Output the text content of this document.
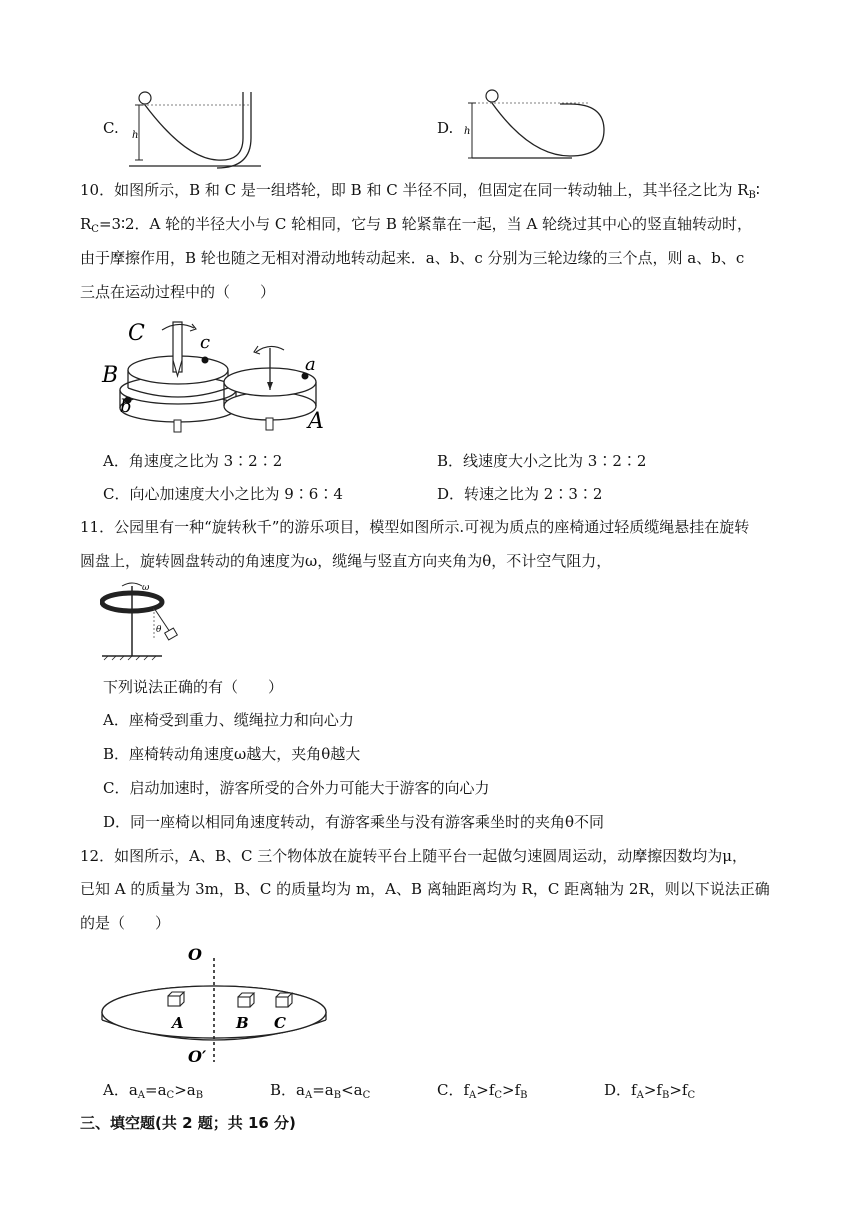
C. h	D. h
10．如图所示，B 和 C 是一组塔轮，即 B 和 C 半径不同，但固定在同一转动轴上，其半径之比为 $R_B∶$
$R_C=3∶2$．A 轮的半径大小与 C 轮相同，它与 B 轮紧靠在一起，当 A 轮绕过其中心的竖直轴转动时，
由于摩擦作用，B 轮也随之无相对滑动地转动起来．a、b、c 分别为三轮边缘的三个点，则 a、b、c
三点在运动过程中的（　　）
C
B
A
a
b
c
A．角速度之比为 3∶2∶2	B．线速度大小之比为 3∶2∶2
C．向心加速度大小之比为 9∶6∶4	D．转速之比为 2∶3∶2
11．公园里有一种“旋转秋千”的游乐项目，模型如图所示.可视为质点的座椅通过轻质缆绳悬挂在旋转
圆盘上，旋转圆盘转动的角速度为ω，缆绳与竖直方向夹角为θ，不计空气阻力，
ω
θ
下列说法正确的有（　　）
A．座椅受到重力、缆绳拉力和向心力
B．座椅转动角速度ω越大，夹角θ越大
C．启动加速时，游客所受的合外力可能大于游客的向心力
D．同一座椅以相同角速度转动，有游客乘坐与没有游客乘坐时的夹角θ不同
12．如图所示，A、B、C 三个物体放在旋转平台上随平台一起做匀速圆周运动，动摩擦因数均为μ，
已知 A 的质量为 3m，B、C 的质量均为 m，A、B 离轴距离均为 R，C 距离轴为 2R，则以下说法正确
的是（　　）
O
O′
A	B C
A．$a_A=a_C>a_B$	B．$a_A=a_B<a_C$	C．$f_A>f_C>f_B$	D．$f_A>f_B>f_C$
三、填空题(共 2 题；共 16 分)
